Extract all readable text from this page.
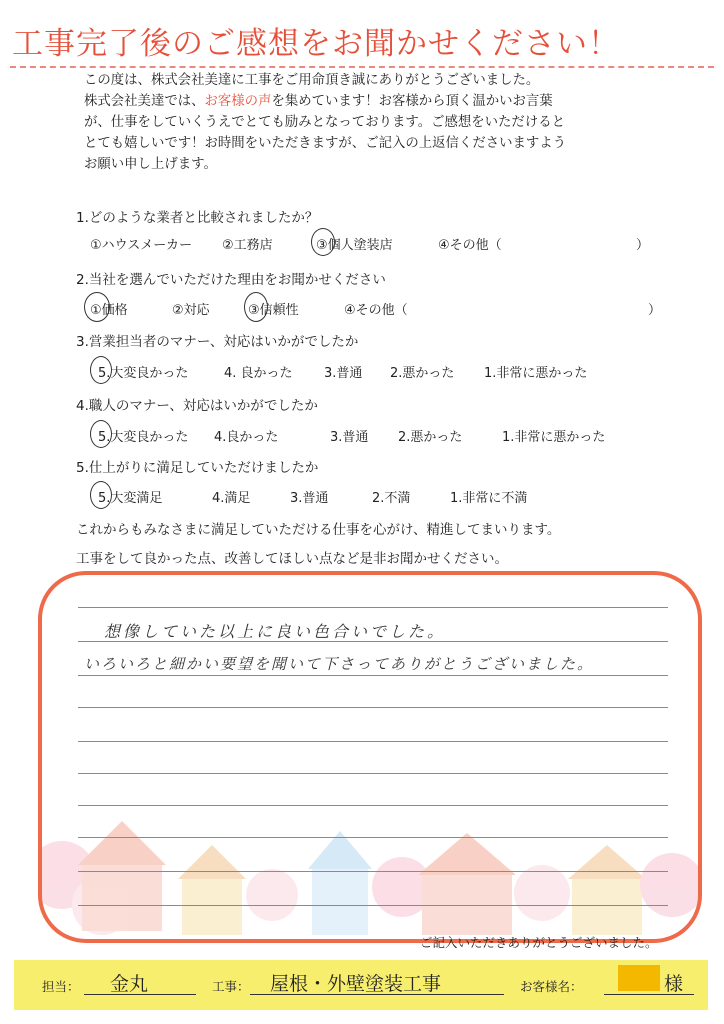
工事完了後のご感想をお聞かせください！

この度は、株式会社美達に工事をご用命頂き誠にありがとうございました。

株式会社美達では、お客様の声を集めています！お客様から頂く温かいお言葉

が、仕事をしていくうえでとても励みとなっております。ご感想をいただけると

とても嬉しいです！お時間をいただきますが、ご記入の上返信くださいますよう

お願い申し上げます。

1.どのような業者と比較されましたか？
①ハウスメーカー ②工務店	③個人塗装店	④その他（	）
2.当社を選んでいただけた理由をお聞かせください
①価格	②対応	③信頼性	④その他（	）
3.営業担当者のマナー、対応はいかがでしたか
5.大変良かった	4. 良かった 3.普通 2.悪かった 1.非常に悪かった
4.職人のマナー、対応はいかがでしたか
5.大変良かった 4.良かった	3.普通 2.悪かった	1.非常に悪かった
5.仕上がりに満足していただけましたか
5.大変満足	4.満足	3.普通	2.不満	1.非常に不満
これからもみなさまに満足していただける仕事を心がけ、精進してまいります。
工事をして良かった点、改善してほしい点など是非お聞かせください。
想像していた以上に良い色合いでした。
いろいろと細かい要望を聞いて下さってありがとうございました。
ご記入いただきありがとうございました。
担当： 金丸	工事： 屋根・外壁塗装工事	お客様名：	様
